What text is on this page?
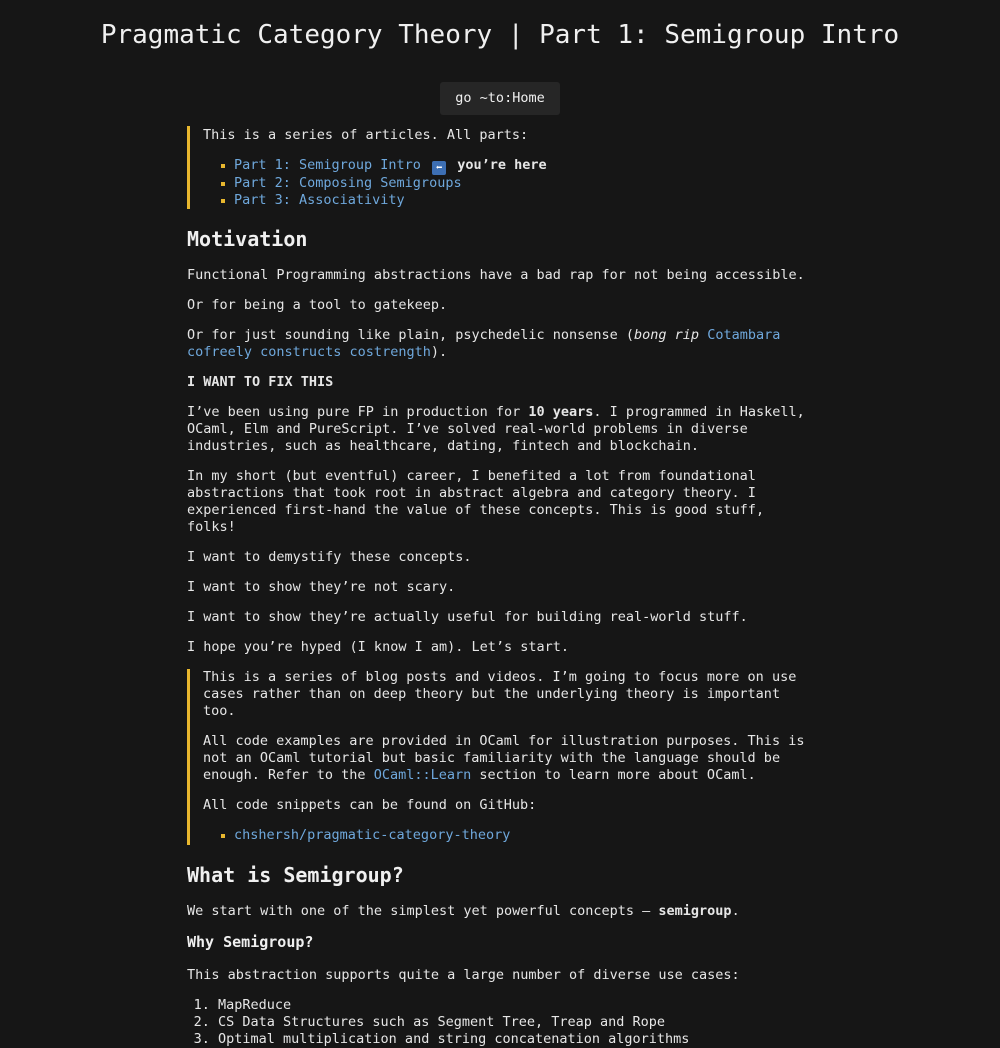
Pragmatic Category Theory | Part 1: Semigroup Intro
go ~to:Home

This is a series of articles. All parts:

Part 1: Semigroup Intro ⬅ you’re here
Part 2: Composing Semigroups
Part 3: Associativity
Motivation

Functional Programming abstractions have a bad rap for not being accessible.

Or for being a tool to gatekeep.

Or for just sounding like plain, psychedelic nonsense (bong rip Cotambara cofreely constructs costrength).

I WANT TO FIX THIS

I’ve been using pure FP in production for 10 years. I programmed in Haskell, OCaml, Elm and PureScript. I’ve solved real-world problems in diverse industries, such as healthcare, dating, fintech and blockchain.

In my short (but eventful) career, I benefited a lot from foundational abstractions that took root in abstract algebra and category theory. I experienced first-hand the value of these concepts. This is good stuff, folks!

I want to demystify these concepts.

I want to show they’re not scary.

I want to show they’re actually useful for building real-world stuff.

I hope you’re hyped (I know I am). Let’s start.

This is a series of blog posts and videos. I’m going to focus more on use cases rather than on deep theory but the underlying theory is important too.

All code examples are provided in OCaml for illustration purposes. This is not an OCaml tutorial but basic familiarity with the language should be enough. Refer to the OCaml::Learn section to learn more about OCaml.

All code snippets can be found on GitHub:

chshersh/pragmatic-category-theory
What is Semigroup?

We start with one of the simplest yet powerful concepts — semigroup.

Why Semigroup?

This abstraction supports quite a large number of diverse use cases:

1. MapReduce
2. CS Data Structures such as Segment Tree, Treap and Rope
3. Optimal multiplication and string concatenation algorithms
